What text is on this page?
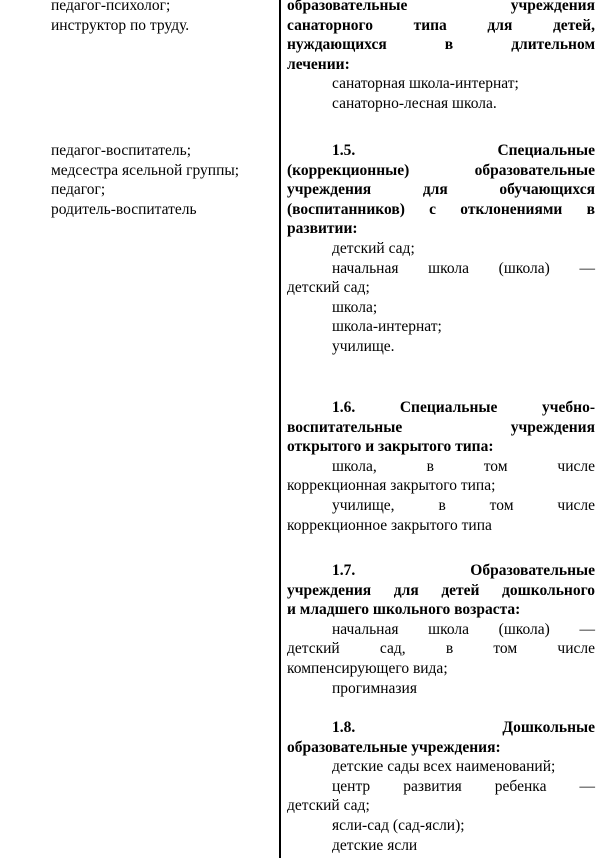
педагог-психолог;
инструктор по труду.
педагог-воспитатель;
медсестра ясельной группы;
педагог;
родитель-воспитатель
образовательные учреждения
санаторного типа для детей,
нуждающихся в длительном
лечении:
санаторная школа-интернат;
санаторно-лесная школа.
1.5. Специальные
(коррекционные) образовательные
учреждения для обучающихся
(воспитанников) с отклонениями в
развитии:
детский сад;
начальная школа (школа) —
детский сад;
школа;
школа-интернат;
училище.
1.6. Специальные учебно-
воспитательные учреждения
открытого и закрытого типа:
школа, в том числе
коррекционная закрытого типа;
училище, в том числе
коррекционное закрытого типа
1.7. Образовательные
учреждения для детей дошкольного
и младшего школьного возраста:
начальная школа (школа) —
детский сад, в том числе
компенсирующего вида;
прогимназия
1.8. Дошкольные
образовательные учреждения:
детские сады всех наименований;
центр развития ребенка —
детский сад;
ясли-сад (сад-ясли);
детские ясли
